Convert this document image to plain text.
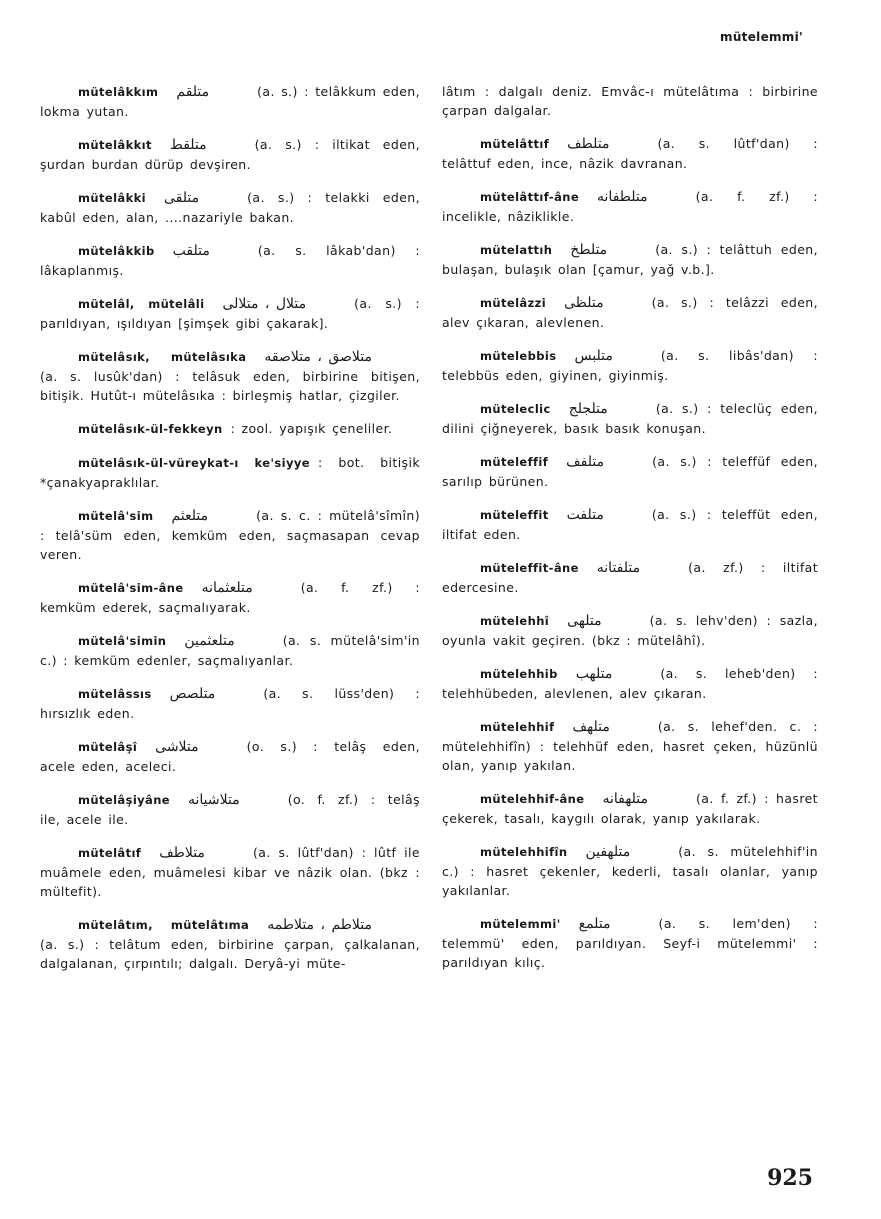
mütelemmi'
mütelâkkım متلقم	(a. s.) : telâkkum eden, lokma yutan.
mütelâkkıt متلقط	(a. s.) : iltikat eden, şurdan burdan dürüp devşiren.
mütelâkki متلقى	(a. s.) : telakki eden, kabûl eden, alan, ....nazariyle bakan.
mütelâkkib متلقب	(a. s. lâkab'dan) : lâkaplanmış.
mütelâl, mütelâli متلال ، متلالى	(a. s.) : parıldıyan, ışıldıyan [şimşek gibi çakarak].
mütelâsık, mütelâsıka متلاصق ، متلاصقه(a. s. lusûk'dan) : telâsuk eden, birbirine bitişen, bitişik. Hutût-ı mütelâsıka : birleşmiş hatlar, çizgiler.
mütelâsık-ül-fekkeyn : zool. yapışık çeneliler.
mütelâsık-ül-vüreykat-ı ke'siyye : bot. bitişik *çanakyapraklılar.
mütelâ'sim متلعثم	(a. s. c. : mütelâ'sîmîn) : telâ'süm eden, kemküm eden, saçmasapan cevap veren.
mütelâ'sim-âne متلعثمانه	(a. f. zf.) : kemküm ederek, saçmalıyarak.
mütelâ'simin متلعثمين	(a. s. mütelâ'sim'in c.) : kemküm edenler, saçmalıyanlar.
mütelâssıs متلصص	(a. s. lüss'den) : hırsızlık eden.
mütelâşî متلاشى	(o. s.) : telâş eden, acele eden, aceleci.
mütelâşiyâne متلاشيانه	(o. f. zf.) : telâş ile, acele ile.
mütelâtıf متلاطف	(a. s. lûtf'dan) : lûtf ile muâmele eden, muâmelesi kibar ve nâzik olan. (bkz : mültefit).
mütelâtım, mütelâtıma متلاطم ، متلاطمه(a. s.) : telâtum eden, birbirine çarpan, çalkalanan, dalgalanan, çırpıntılı; dalgalı. Deryâ-yi müte-
lâtım : dalgalı deniz. Emvâc-ı mütelâtıma : birbirine çarpan dalgalar.
mütelâttıf متلطف	(a. s. lûtf'dan) : telâttuf eden, ince, nâzik davranan.
mütelâttıf-âne متلطفانه	(a. f. zf.) : incelikle, nâziklikle.
mütelattıh متلطخ	(a. s.) : telâttuh eden, bulaşan, bulaşık olan [çamur, yağ v.b.].
mütelâzzi متلظى	(a. s.) : telâzzi eden, alev çıkaran, alevlenen.
mütelebbis متلبس	(a. s. libâs'dan) : telebbüs eden, giyinen, giyinmiş.
müteleclic متلجلج	(a. s.) : teleclüç eden, dilini çiğneyerek, basık basık konuşan.
müteleffif متلفف	(a. s.) : teleffüf eden, sarılıp bürünen.
müteleffit متلفت	(a. s.) : teleffüt eden, iltifat eden.
müteleffit-âne متلفتانه	(a. zf.) : iltifat edercesine.
mütelehhî متلهى	(a. s. lehv'den) : sazla, oyunla vakit geçiren. (bkz : mütelâhî).
mütelehhib متلهب	(a. s. leheb'den) : telehhübeden, alevlenen, alev çıkaran.
mütelehhif متلهف	(a. s. lehef'den. c. : mütelehhifîn) : telehhüf eden, hasret çeken, hüzünlü olan, yanıp yakılan.
mütelehhif-âne متلهفانه	(a. f. zf.) : hasret çekerek, tasalı, kaygılı olarak, yanıp yakılarak.
mütelehhifîn متلهفين	(a. s. mütelehhif'in c.) : hasret çekenler, kederli, tasalı olanlar, yanıp yakılanlar.
mütelemmi' متلمع	(a. s. lem'den) : telemmü' eden, parıldıyan. Seyf-i mütelemmi' : parıldıyan kılıç.
925
